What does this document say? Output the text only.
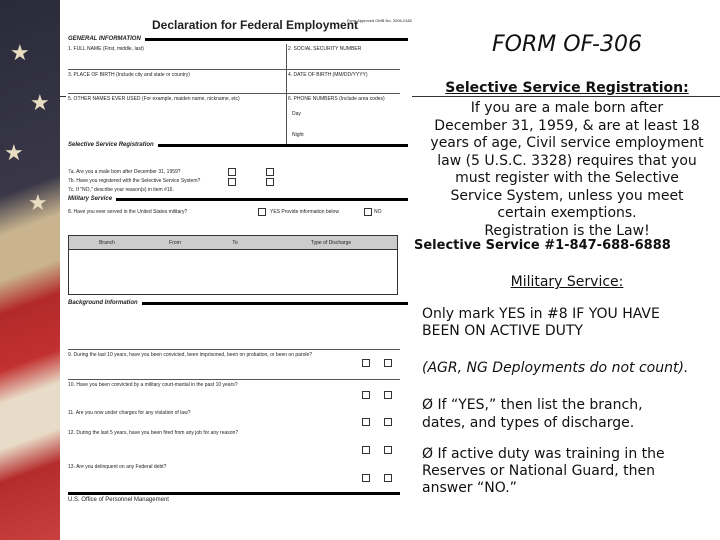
★
★
★
★
Declaration for Federal Employment
Form Approved OMB No. 3206-0182
GENERAL INFORMATION
1. FULL NAME (First, middle, last)	2. SOCIAL SECURITY NUMBER
3. PLACE OF BIRTH (Include city and state or country)	4. DATE OF BIRTH (MM/DD/YYYY)
5. OTHER NAMES EVER USED (For example, maiden name, nickname, etc)	6. PHONE NUMBERS (Include area codes)
Day
Night
Selective Service Registration
7a. Are you a male born after December 31, 1959?
7b. Have you registered with the Selective Service System?
7c. If "NO," describe your reason(s) in item #16.
Military Service
8. Have you ever served in the United States military?	YES Provide information below	NO
Branch	From	To	Type of Discharge
Background Information
9. During the last 10 years, have you been convicted, been imprisoned, been on probation, or been on parole?
10. Have you been convicted by a military court-martial in the past 10 years?
11. Are you now under charges for any violation of law?
12. During the last 5 years, have you been fired from any job for any reason?
13. Are you delinquent on any Federal debt?
U.S. Office of Personnel Management
FORM OF-306
Selective Service Registration:
If you are a male born after
December 31, 1959, & are at least 18
years of age, Civil service employment
law (5 U.S.C. 3328) requires that you
must register with the Selective
Service System, unless you meet
certain exemptions.
Registration is the Law!
Selective Service #1-847-688-6888
Military Service:
Only mark YES in #8 IF YOU HAVE
BEEN ON ACTIVE DUTY
(AGR, NG Deployments do not count).
Ø If “YES,” then list the branch,
dates, and types of discharge.
Ø If active duty was training in the
Reserves or National Guard, then
answer “NO.”
